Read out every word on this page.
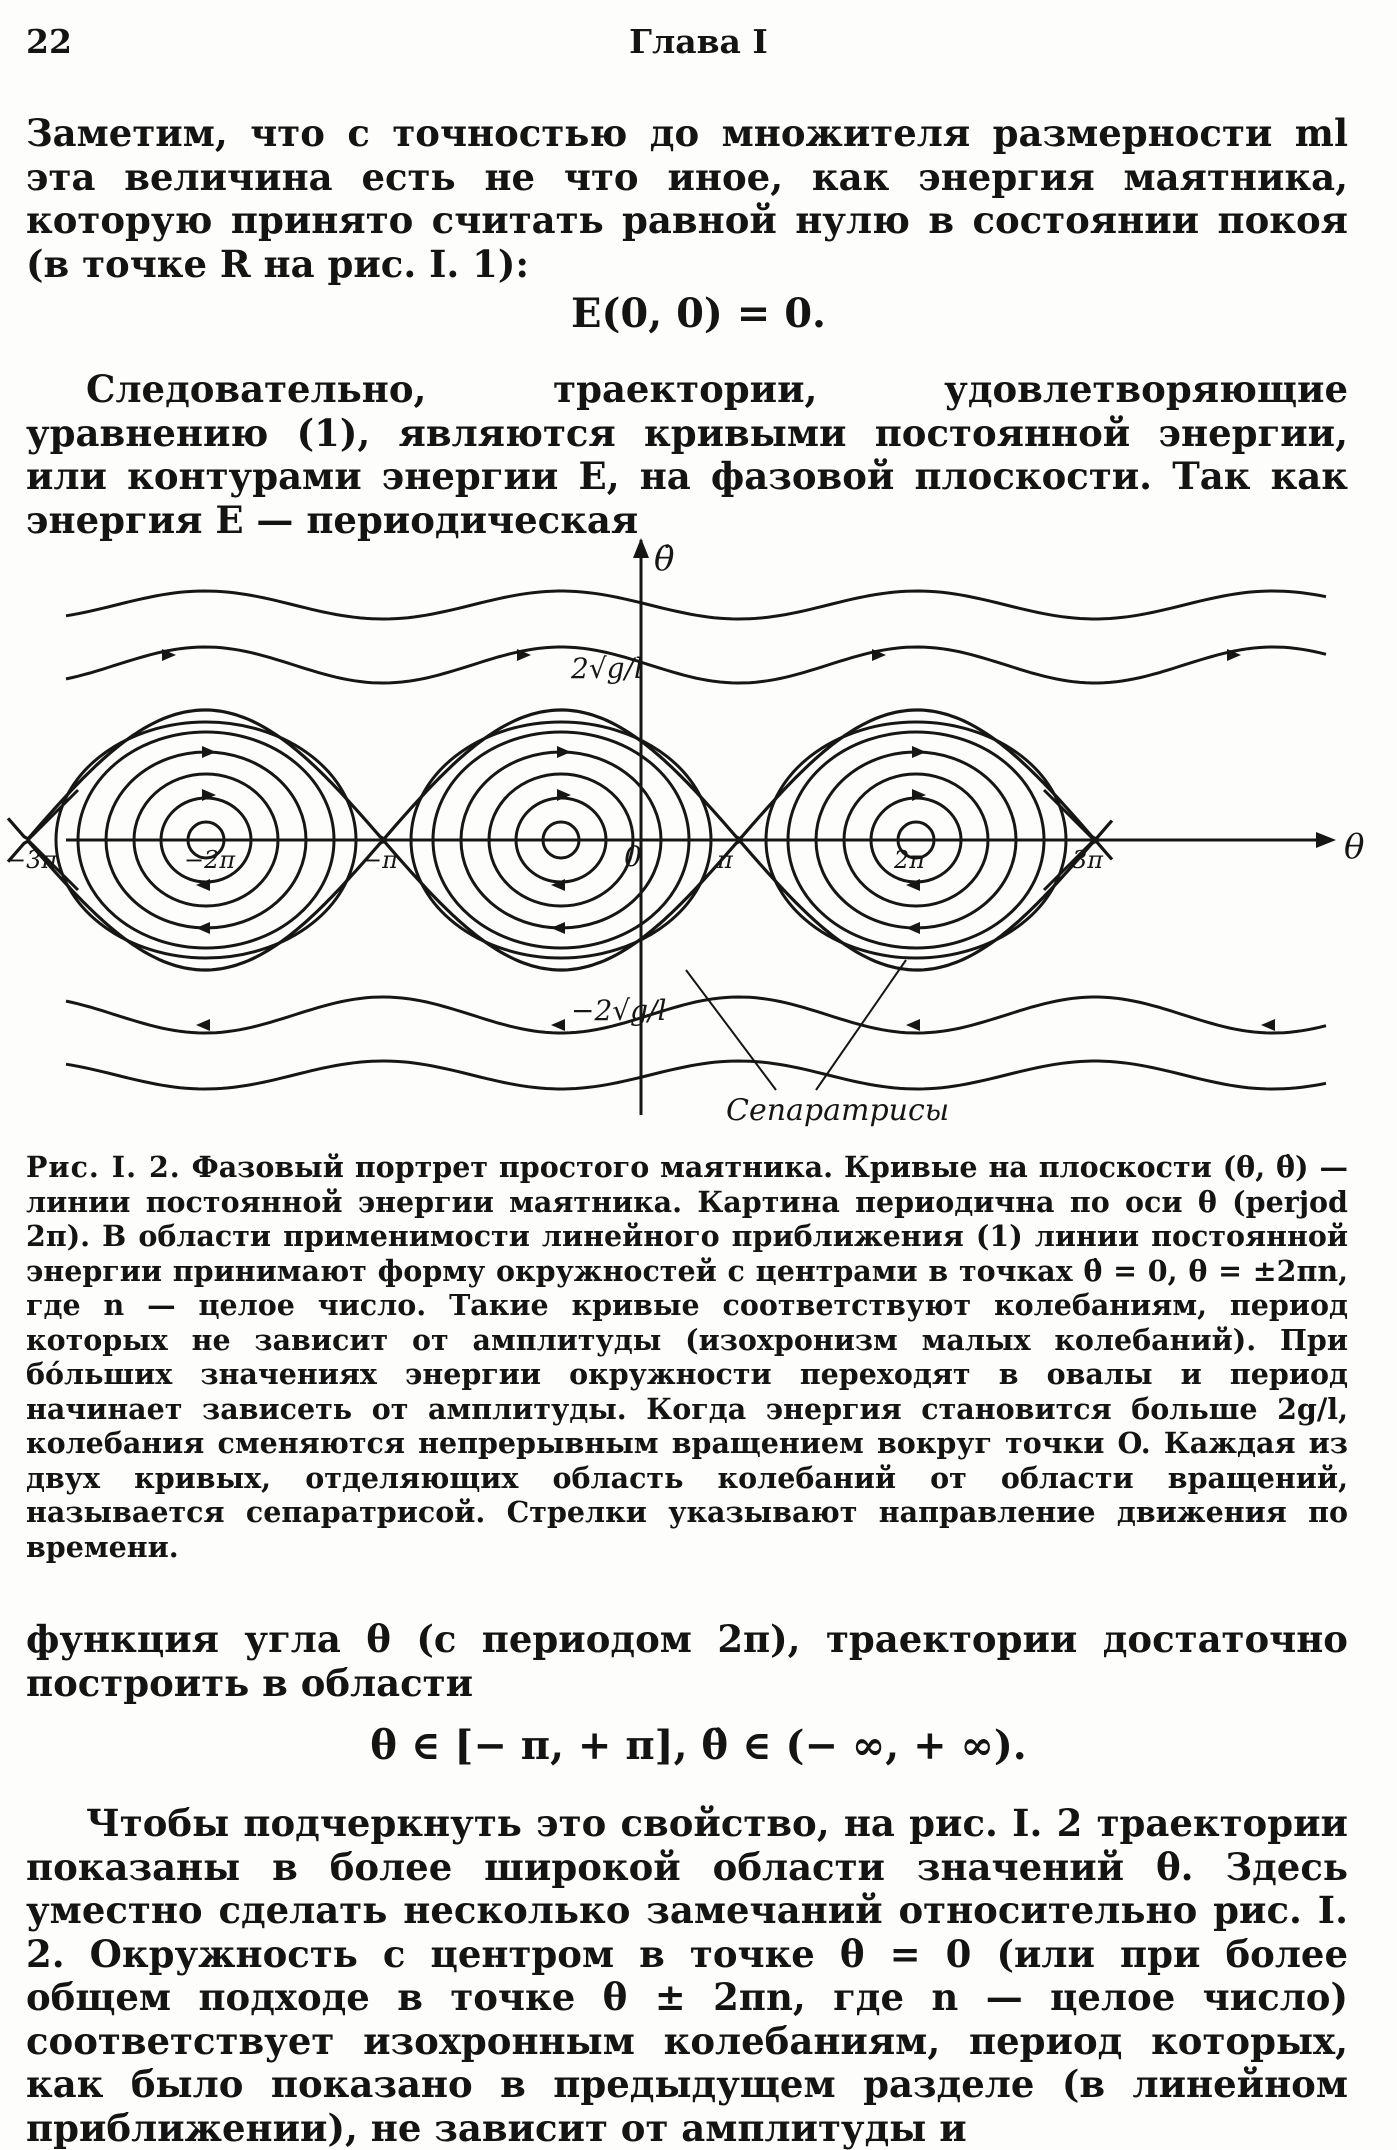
22	Глава I
Заметим, что с точностью до множителя размерности ml эта величина есть не что иное, как энергия маятника, которую принято считать равной нулю в состоянии покоя (в точке R на рис. I. 1):
E(0, 0) = 0.
Следовательно, траектории, удовлетворяющие уравнению (1), являются кривыми постоянной энергии, или контурами энергии E, на фазовой плоскости. Так как энергия E — периодическая
θ̇
θ
2√g/l
−2√g/l
0
−3π	−2π	−π	π	2π	3π
Сепаратрисы
Рис. I. 2. Фазовый портрет простого маятника. Кривые на плоскости (θ, θ̇) — линии постоянной энергии маятника. Картина периодична по оси θ (perjod 2π). В области применимости линейного приближения (1) линии постоянной энергии принимают форму окружностей с центрами в точках θ̇ = 0, θ = ±2πn, где n — целое число. Такие кривые соответствуют колебаниям, период которых не зависит от амплитуды (изохронизм малых колебаний). При бо́льших значениях энергии окружности переходят в овалы и период начинает зависеть от амплитуды. Когда энергия становится больше 2g/l, колебания сменяются непрерывным вращением вокруг точки O. Каждая из двух кривых, отделяющих область колебаний от области вращений, называется сепаратрисой. Стрелки указывают направление движения по времени.
функция угла θ (с периодом 2π), траектории достаточно построить в области
θ ∈ [− π, + π], θ̇ ∈ (− ∞, + ∞).
Чтобы подчеркнуть это свойство, на рис. I. 2 траектории показаны в более широкой области значений θ. Здесь уместно сделать несколько замечаний относительно рис. I. 2. Окружность с центром в точке θ = 0 (или при более общем подходе в точке θ ± 2πn, где n — целое число) соответствует изохронным колебаниям, период которых, как было показано в предыдущем разделе (в линейном приближении), не зависит от амплитуды и
